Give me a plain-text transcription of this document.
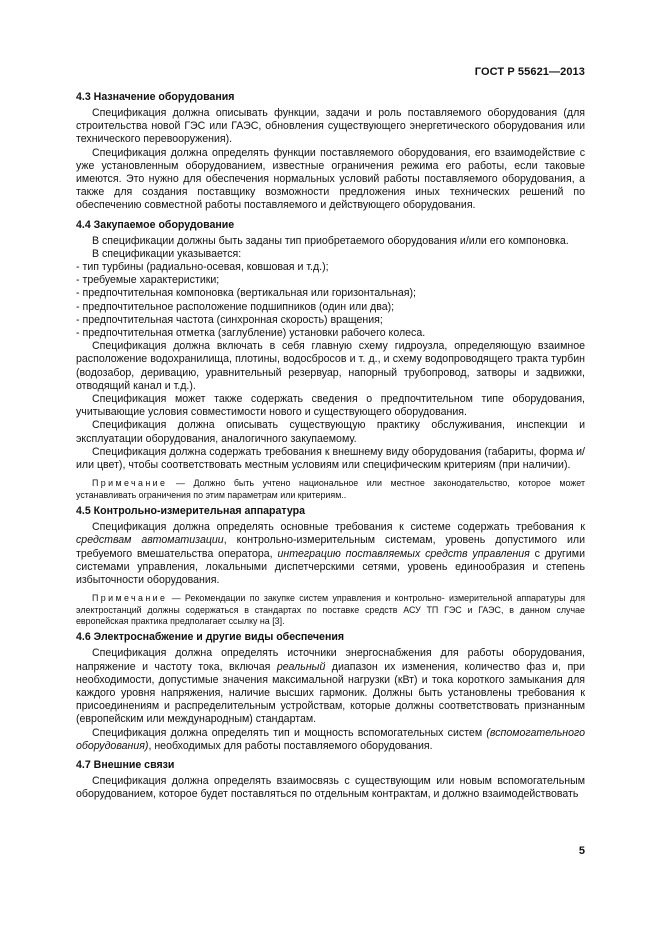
ГОСТ Р 55621—2013
4.3 Назначение оборудования

Спецификация должна описывать функции, задачи и роль поставляемого оборудования (для строительства новой ГЭС или ГАЭС, обновления существующего энергетического оборудования или технического перевооружения).

Спецификация должна определять функции поставляемого оборудования, его взаимодействие с уже установленным оборудованием, известные ограничения режима его работы, если таковые имеются. Это нужно для обеспечения нормальных условий работы поставляемого оборудования, а также для создания поставщику возможности предложения иных технических решений по обеспечению совместной работы поставляемого и действующего оборудования.

4.4 Закупаемое оборудование

В спецификации должны быть заданы тип приобретаемого оборудования и/или его компоновка.

В спецификации указывается:

- тип турбины (радиально-осевая, ковшовая и т.д.);
- требуемые характеристики;
- предпочтительная компоновка (вертикальная или горизонтальная);
- предпочтительное расположение подшипников (один или два);
- предпочтительная частота (синхронная скорость) вращения;
- предпочтительная отметка (заглубление) установки рабочего колеса.

Спецификация должна включать в себя главную схему гидроузла, определяющую взаимное расположение водохранилища, плотины, водосбросов и т. д., и схему водопроводящего тракта турбин (водозабор, деривацию, уравнительный резервуар, напорный трубопровод, затворы и задвижки, отводящий канал и т.д.).

Спецификация может также содержать сведения о предпочтительном типе оборудования, учитывающие условия совместимости нового и существующего оборудования.

Спецификация должна описывать существующую практику обслуживания, инспекции и эксплуатации оборудования, аналогичного закупаемому.

Спецификация должна содержать требования к внешнему виду оборудования (габариты, форма и/или цвет), чтобы соответствовать местным условиям или специфическим критериям (при наличии).

Примечание — Должно быть учтено национальное или местное законодательство, которое может устанавливать ограничения по этим параметрам или критериям..

4.5 Контрольно-измерительная аппаратура

Спецификация должна определять основные требования к системе содержать требования к средствам автоматизации, контрольно-измерительным системам, уровень допустимого или требуемого вмешательства оператора, интеграцию поставляемых средств управления с другими системами управления, локальными диспетчерскими сетями, уровень единообразия и степень избыточности оборудования.

Примечание — Рекомендации по закупке систем управления и контрольно- измерительной аппаратуры для электростанций должны содержаться в стандартах по поставке средств АСУ ТП ГЭС и ГАЭС, в данном случае европейская практика предполагает ссылку на [3].

4.6 Электроснабжение и другие виды обеспечения

Спецификация должна определять источники энергоснабжения для работы оборудования, напряжение и частоту тока, включая реальный диапазон их изменения, количество фаз и, при необходимости, допустимые значения максимальной нагрузки (кВт) и тока короткого замыкания для каждого уровня напряжения, наличие высших гармоник. Должны быть установлены требования к присоединениям и распределительным устройствам, которые должны соответствовать признанным (европейским или международным) стандартам.

Спецификация должна определять тип и мощность вспомогательных систем (вспомогательного оборудования), необходимых для работы поставляемого оборудования.

4.7 Внешние связи

Спецификация должна определять взаимосвязь с существующим или новым вспомогательным оборудованием, которое будет поставляться по отдельным контрактам, и должно взаимодействовать

5
